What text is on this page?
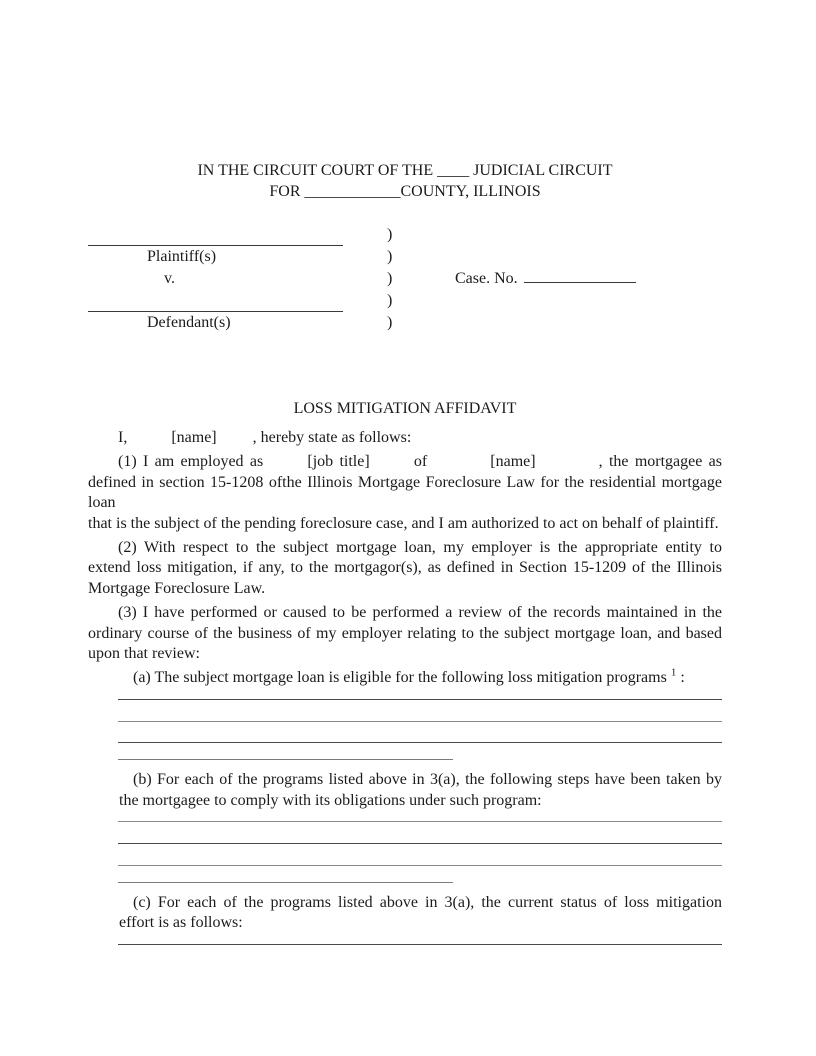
IN THE CIRCUIT COURT OF THE ____ JUDICIAL CIRCUIT
FOR ____________COUNTY, ILLINOIS
)
Plaintiff(s)	)
v.	)	Case. No.
)
Defendant(s)	)
LOSS MITIGATION AFFIDAVIT
I,           [name]         , hereby state as follows:
(1) I am employed as       [job title]       of          [name]          , the mortgagee as
defined in section 15-1208 ofthe Illinois Mortgage Foreclosure Law for the residential mortgage loan
that is the subject of the pending foreclosure case, and I am authorized to act on behalf of plaintiff.
(2) With respect to the subject mortgage loan, my employer is the appropriate entity to
extend loss mitigation, if any, to the mortgagor(s), as defined in Section 15-1209 of the Illinois
Mortgage Foreclosure Law.
(3) I have performed or caused to be performed a review of the records maintained in the
ordinary course of the business of my employer relating to the subject mortgage loan, and based
upon that review:
(a) The subject mortgage loan is eligible for the following loss mitigation programs $^1$ :
(b) For each of the programs listed above in 3(a), the following steps have been taken by
the mortgagee to comply with its obligations under such program:
(c) For each of the programs listed above in 3(a), the current status of loss mitigation
effort is as follows:
